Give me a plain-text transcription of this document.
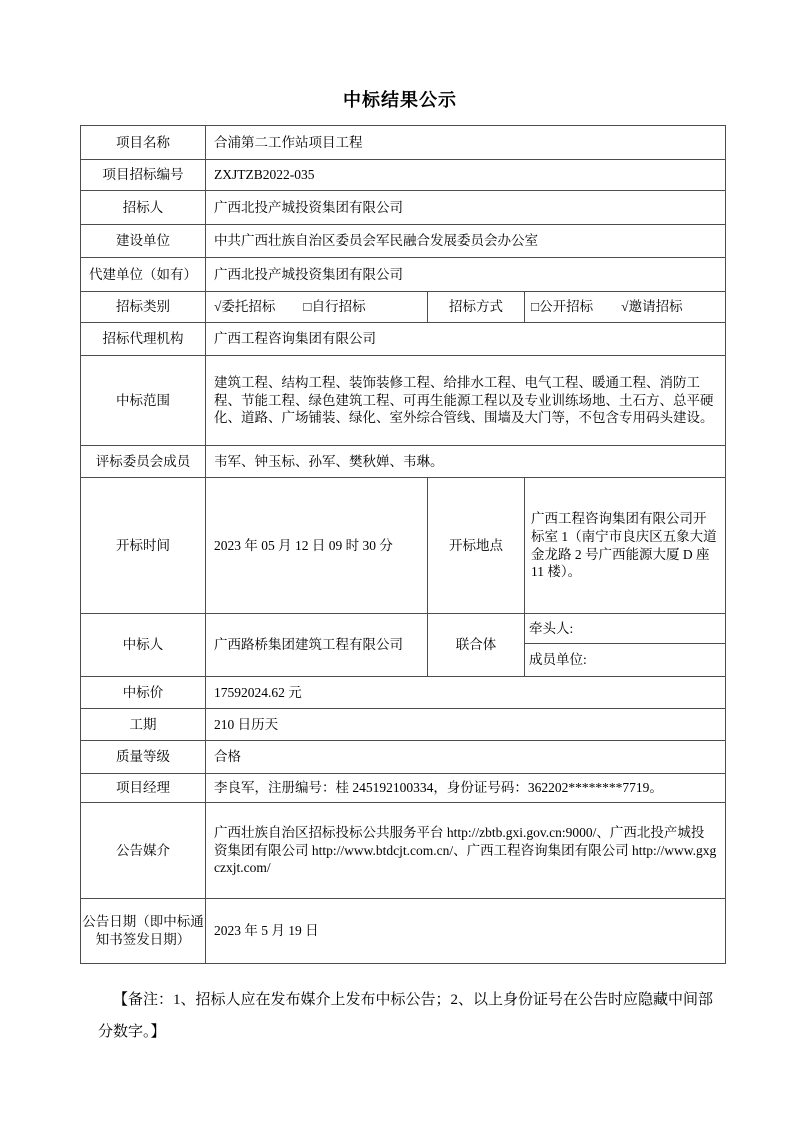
中标结果公示
项目名称	合浦第二工作站项目工程		
项目招标编号	ZXJTZB2022-035		
招标人	广西北投产城投资集团有限公司		
建设单位	中共广西壮族自治区委员会军民融合发展委员会办公室		
代建单位（如有）	广西北投产城投资集团有限公司		
招标类别	√委托招标 □自行招标	招标方式	□公开招标 √邀请招标

招标代理机构	广西工程咨询集团有限公司		
中标范围	建筑工程、结构工程、装饰装修工程、给排水工程、电气工程、暖通工程、消防工程、节能工程、绿色建筑工程、可再生能源工程以及专业训练场地、土石方、总平硬化、道路、广场铺装、绿化、室外综合管线、围墙及大门等，不包含专用码头建设。		
评标委员会成员	韦军、钟玉标、孙军、樊秋婵、韦琳。		
开标时间	2023 年 05 月 12 日 09 时 30 分	开标地点	广西工程咨询集团有限公司开标室 1（南宁市良庆区五象大道金龙路 2 号广西能源大厦 D 座 11 楼）。
中标人	广西路桥集团建筑工程有限公司	联合体	牵头人:
成员单位:

中标价	17592024.62 元		
工期	210 日历天		
质量等级	合格		
项目经理	李良军，注册编号：桂 245192100334，身份证号码：362202********7719。		
公告媒介	广西壮族自治区招标投标公共服务平台 http://zbtb.gxi.gov.cn:9000/、广西北投产城投资集团有限公司 http://www.btdcjt.com.cn/、广西工程咨询集团有限公司 http://www.gxgczxjt.com/		
公告日期（即中标通知书签发日期）	2023 年 5 月 19 日		
【备注：1、招标人应在发布媒介上发布中标公告；2、以上身份证号在公告时应隐藏中间部分数字。】
